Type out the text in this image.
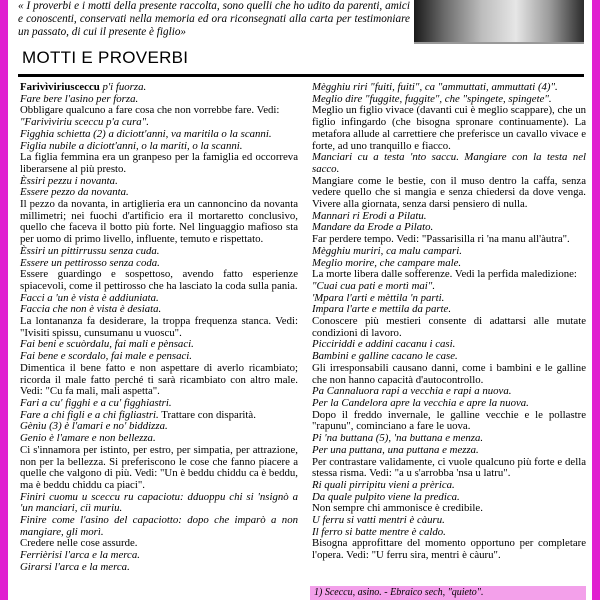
« I proverbi e i motti della presente raccolta, sono quelli che ho udito da parenti, amici e conoscenti, conservati nella memoria ed ora riconsegnati alla carta per testimoniare un passato, di cui il presente è figlio»
MOTTI E PROVERBI

Farivìviriusceccu p'i fuorza.

Fare bere l'asino per forza.

Obbligare qualcuno a fare cosa che non vorrebbe fare. Vedi:

"Farivìviriu sceccu p'a cura".

Figghia schietta (2) a diciott'anni, va maritila o la scanni.

Figlia nubile a diciott'anni, o la mariti, o la scanni.

La figlia femmina era un granpeso per la famiglia ed occorreva liberarsene al più presto.

Èssiri pezzu i novanta.

Essere pezzo da novanta.

Il pezzo da novanta, in artiglieria era un cannoncino da novanta millimetri; nei fuochi d'artificio era il mortaretto conclusivo, quello che faceva il botto più forte. Nel linguaggio mafioso sta per uomo di primo livello, influente, temuto e rispettato.

Èssiri un pittirrussu senza cuda.

Essere un pettirosso senza coda.

Essere guardingo e sospettoso, avendo fatto esperienze spiacevoli, come il pettirosso che ha lasciato la coda sulla pania.

Facci a 'un è vista è addiuniata.

Faccia che non è vista è desiata.

La lontananza fa desiderare, la troppa frequenza stanca. Vedi: "Ivisiti spissu, cunsumanu u vuoscu".

Fai beni e scuòrdalu, fai mali e pènsaci.

Fai bene e scordalo, fai male e pensaci.

Dimentica il bene fatto e non aspettare di averlo ricambiato; ricorda il male fatto perché ti sarà ricambiato con altro male. Vedi: "Cu fa mali, mali aspetta".

Fari a cu' figghi e a cu' figghiastri.

Fare a chi figli e a chi figliastri. Trattare con disparità.

Gènìu (3) è l'amari e no' biddizza.

Genio è l'amare e non bellezza.

Ci s'innamora per istinto, per estro, per simpatia, per attrazione, non per la bellezza. Si preferiscono le cose che fanno piacere a quelle che valgono di più. Vedi: "Un è beddu chiddu ca è beddu, ma è beddu chiddu ca piaci".

Finiri cuomu u sceccu ru capaciotu: dduoppu chi si 'nsignò a 'un manciari, ciì muriu.

Finire come l'asino del capaciotto: dopo che imparò a non mangiare, gli morì.

Credere nelle cose assurde.

Ferrièrisi l'arca e la merca.

Girarsi l'arca e la merca.

Mègghiu riri "fuiti, fuiti", ca "ammuttati, ammuttati (4)".

Meglio dire "fuggite, fuggite", che "spingete, spingete".

Meglio un figlio vivace (davanti cui è meglio scappare), che un figlio infingardo (che bisogna spronare continuamente). La metafora allude al carrettiere che preferisce un cavallo vivace e forte, ad uno tranquillo e fiacco.

Manciari cu a testa 'nto saccu. Mangiare con la testa nel sacco.

Mangiare come le bestie, con il muso dentro la caffa, senza vedere quello che si mangia e senza chiedersi da dove venga. Vivere alla giornata, senza darsi pensiero di nulla.

Mannari ri Erodi a Pilatu.

Mandare da Erode a Pilato.

Far perdere tempo. Vedi: "Passarisilla ri 'na manu all'àutra".

Mègghiu muriri, ca malu campari.

Meglio morire, che campare male.

La morte libera dalle sofferenze. Vedi la perfida maledizione:

"Cuai cua pati e mortì mai".

'Mpara l'arti e mèttila 'n parti.

Impara l'arte e mettila da parte.

Conoscere più mestieri consente di adattarsi alle mutate condizioni di lavoro.

Picciriddi e addini cacanu i casi.

Bambini e galline cacano le case.

Gli irresponsabili causano danni, come i bambini e le galline che non hanno capacità d'autocontrollo.

Pa Cannaluora rapi a vecchia e rapi a nuova.

Per la Candelora apre la vecchia e apre la nuova.

Dopo il freddo invernale, le galline vecchie e le pollastre "rapunu", cominciano a fare le uova.

Pi 'na buttana (5), 'na buttana e menza.

Per una puttana, una puttana e mezza.

Per contrastare validamente, ci vuole qualcuno più forte e della stessa risma. Vedi: "a u s'arrobba 'nsa u latru".

Ri quali pirripitu vieni a prèrica.

Da quale pulpito viene la predica.

Non sempre chi ammonisce è credibile.

U ferru si vatti mentri è càuru.

Il ferro si batte mentre è caldo.

Bisogna approfittare del momento opportuno per completare l'opera. Vedi: "U ferru sira, mentri è càuru".

1) Sceccu, asino. - Ebraico sech, "quieto".
